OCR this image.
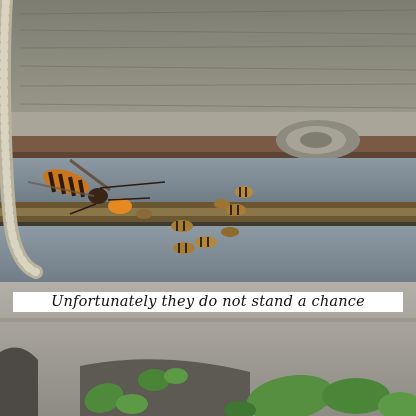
Unfortunately they do not stand a chance
